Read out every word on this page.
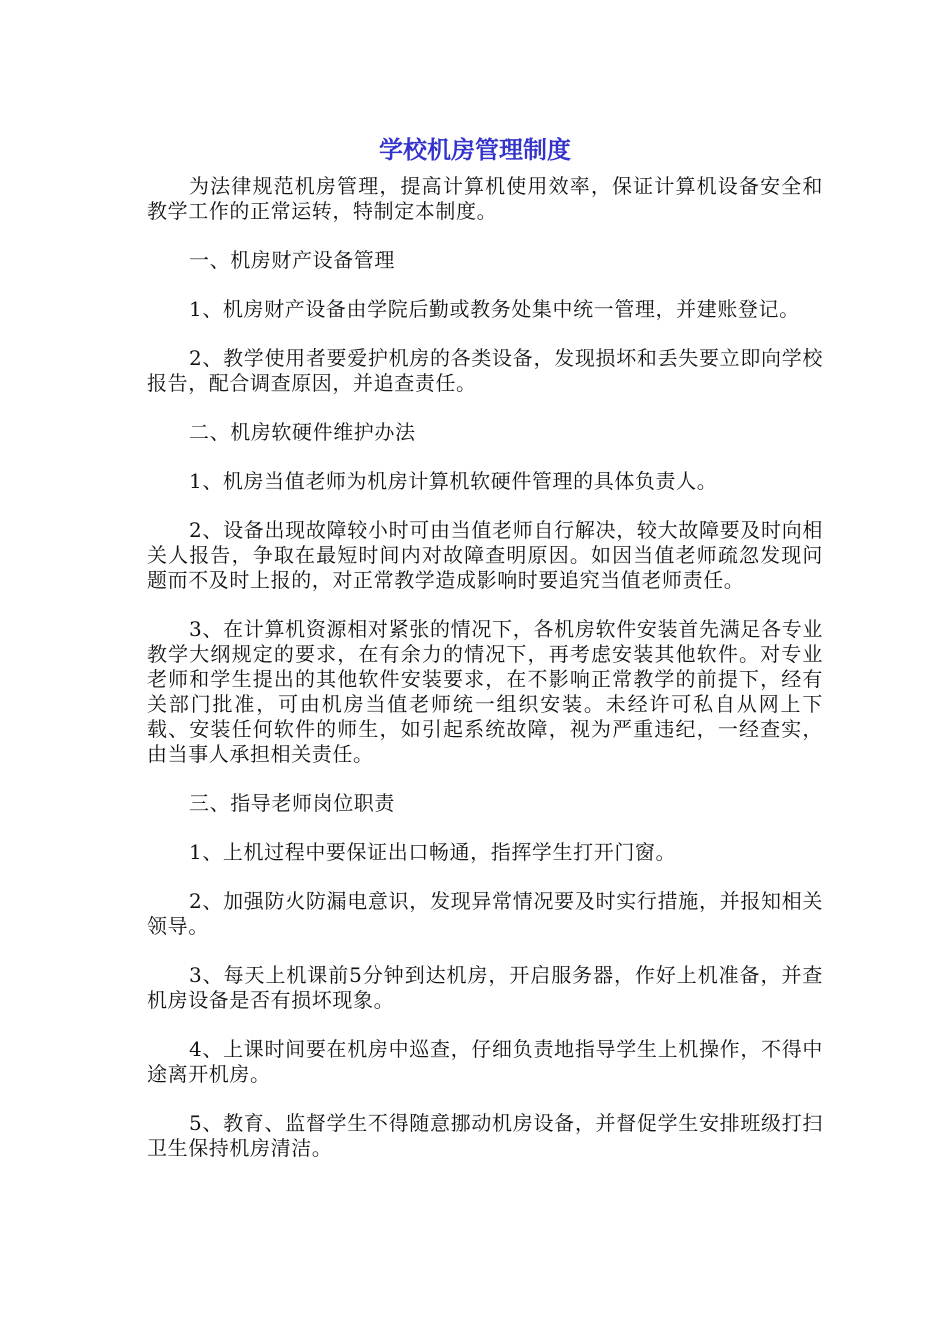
学校机房管理制度

为法律规范机房管理，提高计算机使用效率，保证计算机设备安全和教学工作的正常运转，特制定本制度。

一、机房财产设备管理

1、机房财产设备由学院后勤或教务处集中统一管理，并建账登记。

2、教学使用者要爱护机房的各类设备，发现损坏和丢失要立即向学校报告，配合调查原因，并追查责任。

二、机房软硬件维护办法

1、机房当值老师为机房计算机软硬件管理的具体负责人。

2、设备出现故障较小时可由当值老师自行解决，较大故障要及时向相关人报告，争取在最短时间内对故障查明原因。如因当值老师疏忽发现问题而不及时上报的，对正常教学造成影响时要追究当值老师责任。

3、在计算机资源相对紧张的情况下，各机房软件安装首先满足各专业教学大纲规定的要求，在有余力的情况下，再考虑安装其他软件。对专业老师和学生提出的其他软件安装要求，在不影响正常教学的前提下，经有关部门批准，可由机房当值老师统一组织安装。未经许可私自从网上下载、安装任何软件的师生，如引起系统故障，视为严重违纪，一经查实，由当事人承担相关责任。

三、指导老师岗位职责

1、上机过程中要保证出口畅通，指挥学生打开门窗。

2、加强防火防漏电意识，发现异常情况要及时实行措施，并报知相关领导。

3、每天上机课前5分钟到达机房，开启服务器，作好上机准备，并查机房设备是否有损坏现象。

4、上课时间要在机房中巡查，仔细负责地指导学生上机操作，不得中途离开机房。

5、教育、监督学生不得随意挪动机房设备，并督促学生安排班级打扫卫生保持机房清洁。
